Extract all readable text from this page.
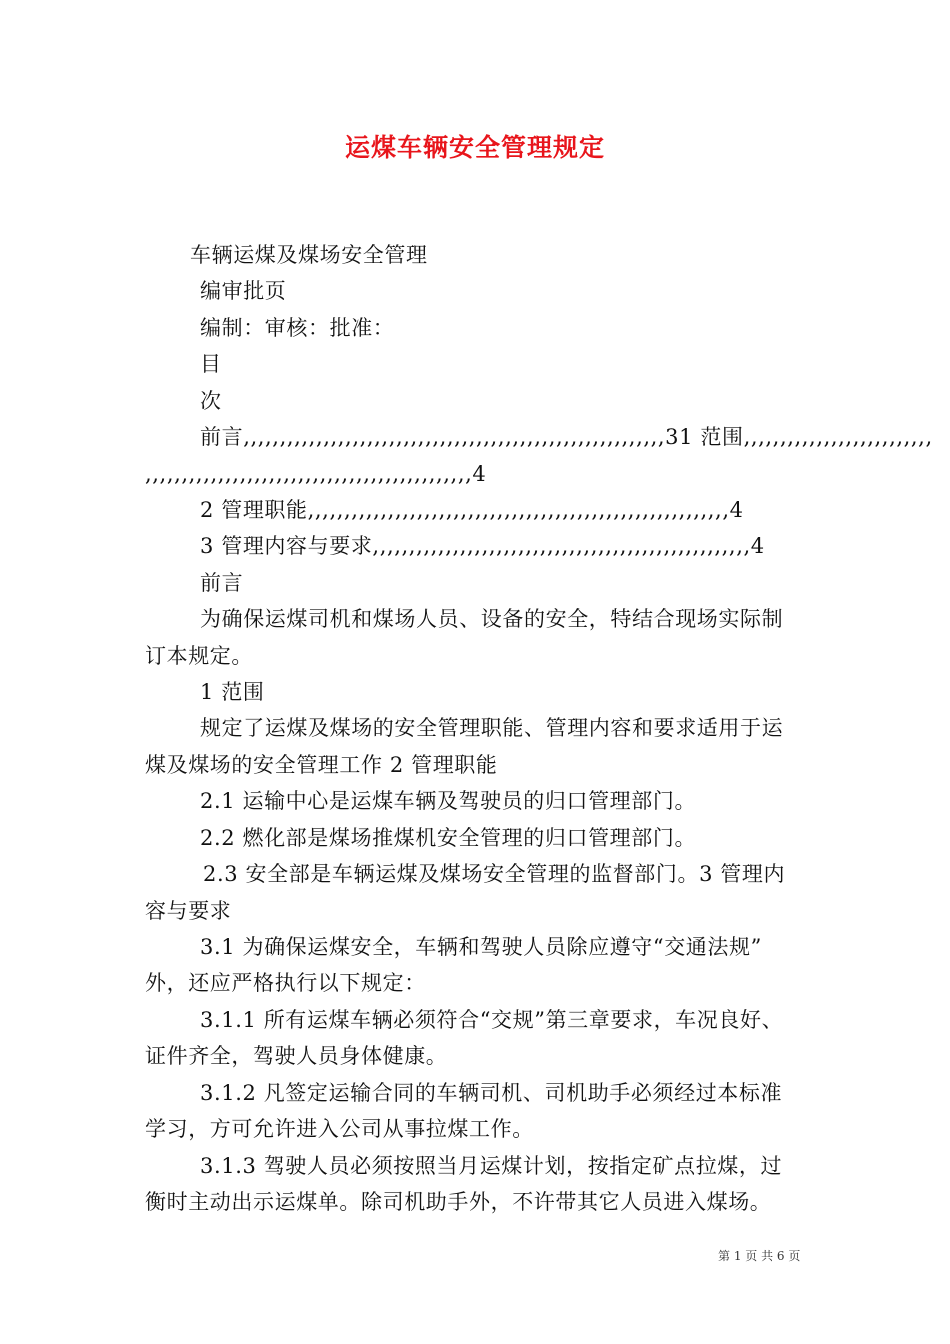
运煤车辆安全管理规定
车辆运煤及煤场安全管理
编审批页
编制：审核：批准：
目
次
前言,,,,,,,,,,,,,,,,,,,,,,,,,,,,,,,,,,,,,,,,,,,,,,,,,,,,,,,,,,31 范围,,,,,,,,,,,,,,,,,,,,,,,,,,
,,,,,,,,,,,,,,,,,,,,,,,,,,,,,,,,,,,,,,,,,,,,,4
2 管理职能,,,,,,,,,,,,,,,,,,,,,,,,,,,,,,,,,,,,,,,,,,,,,,,,,,,,,,,,,,4
3 管理内容与要求,,,,,,,,,,,,,,,,,,,,,,,,,,,,,,,,,,,,,,,,,,,,,,,,,,,,4
前言
为确保运煤司机和煤场人员、设备的安全，特结合现场实际制
订本规定。
1 范围
规定了运煤及煤场的安全管理职能、管理内容和要求适用于运
煤及煤场的安全管理工作 2 管理职能
2.1 运输中心是运煤车辆及驾驶员的归口管理部门。
2.2 燃化部是煤场推煤机安全管理的归口管理部门。
2.3 安全部是车辆运煤及煤场安全管理的监督部门。3 管理内
容与要求
3.1 为确保运煤安全，车辆和驾驶人员除应遵守“交通法规”
外，还应严格执行以下规定：
3.1.1 所有运煤车辆必须符合“交规”第三章要求，车况良好、
证件齐全，驾驶人员身体健康。
3.1.2 凡签定运输合同的车辆司机、司机助手必须经过本标准
学习，方可允许进入公司从事拉煤工作。
3.1.3 驾驶人员必须按照当月运煤计划，按指定矿点拉煤，过
衡时主动出示运煤单。除司机助手外，不许带其它人员进入煤场。
第 1 页 共 6 页
